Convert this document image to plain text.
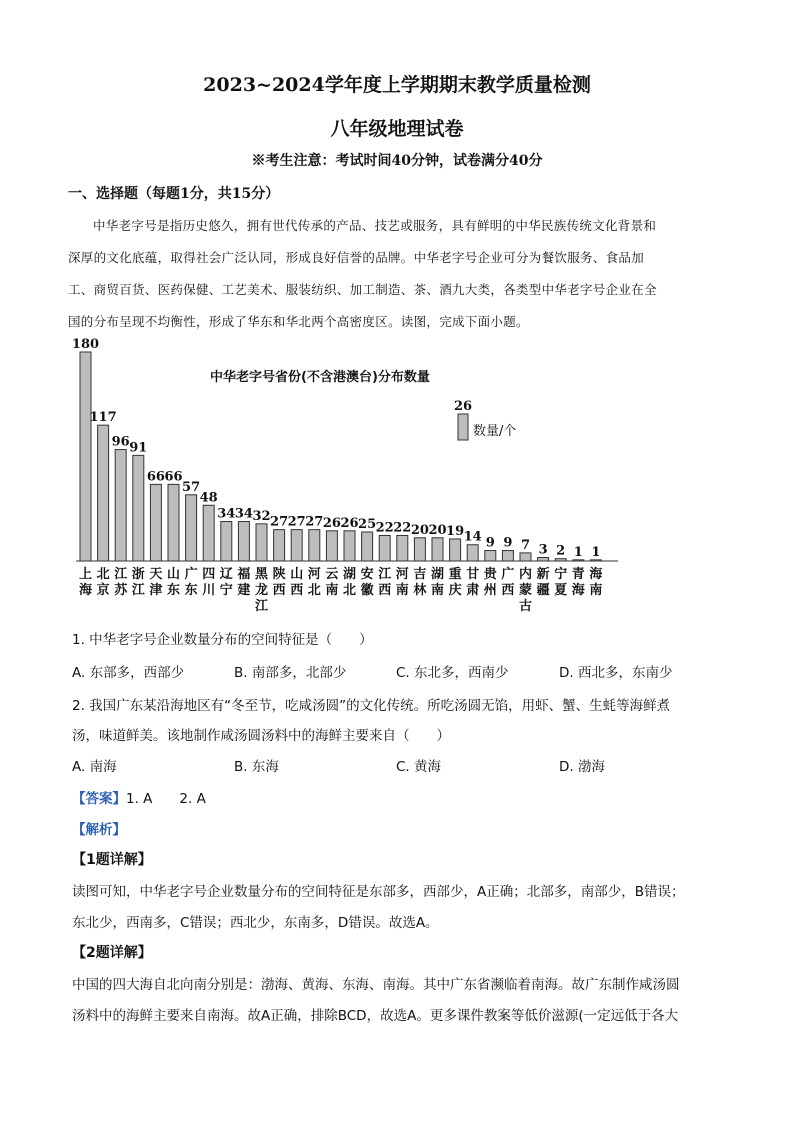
2023~2024学年度上学期期末教学质量检测
八年级地理试卷
※考生注意：考试时间40分钟，试卷满分40分
一、选择题（每题1分，共15分）
中华老字号是指历史悠久，拥有世代传承的产品、技艺或服务，具有鲜明的中华民族传统文化背景和
深厚的文化底蕴，取得社会广泛认同，形成良好信誉的品牌。中华老字号企业可分为餐饮服务、食品加
工、商贸百货、医药保健、工艺美术、服装纺织、加工制造、茶、酒九大类，各类型中华老字号企业在全
国的分布呈现不均衡性，形成了华东和华北两个高密度区。读图，完成下面小题。
180
上
海
117
北
京
96
江
苏
91
浙
江
66
天
津
66
山
东
57
广
东
48
四
川
34
辽
宁
34
福
建
32
黑
龙
江
27
陕
西
27
山
西
27
河
北
26
云
南
26
湖
北
25
安
徽
22
江
西
22
河
南
20
吉
林
20
湖
南
19
重
庆
14
甘
肃
9
贵
州
9
广
西
7
内
蒙
古
3
新
疆
2
宁
夏
1
青
海
1
海
南
中华老字号省份(不含港澳台)分布数量
26
数量/个
1. 中华老字号企业数量分布的空间特征是（　　）
A. 东部多，西部少	B. 南部多，北部少	C. 东北多，西南少	D. 西北多，东南少
2. 我国广东某沿海地区有“冬至节，吃咸汤圆”的文化传统。所吃汤圆无馅，用虾、蟹、生蚝等海鲜煮
汤，味道鲜美。该地制作咸汤圆汤料中的海鲜主要来自（　　）
A. 南海	B. 东海	C. 黄海	D. 渤海
【答案】1. A　　2. A
【解析】
【1题详解】
读图可知，中华老字号企业数量分布的空间特征是东部多，西部少，A正确；北部多，南部少，B错误；
东北少，西南多，C错误；西北少，东南多，D错误。故选A。
【2题详解】
中国的四大海自北向南分别是：渤海、黄海、东海、南海。其中广东省濒临着南海。故广东制作咸汤圆
汤料中的海鲜主要来自南海。故A正确，排除BCD，故选A。更多课件教案等低价滋源(一定远低于各大
